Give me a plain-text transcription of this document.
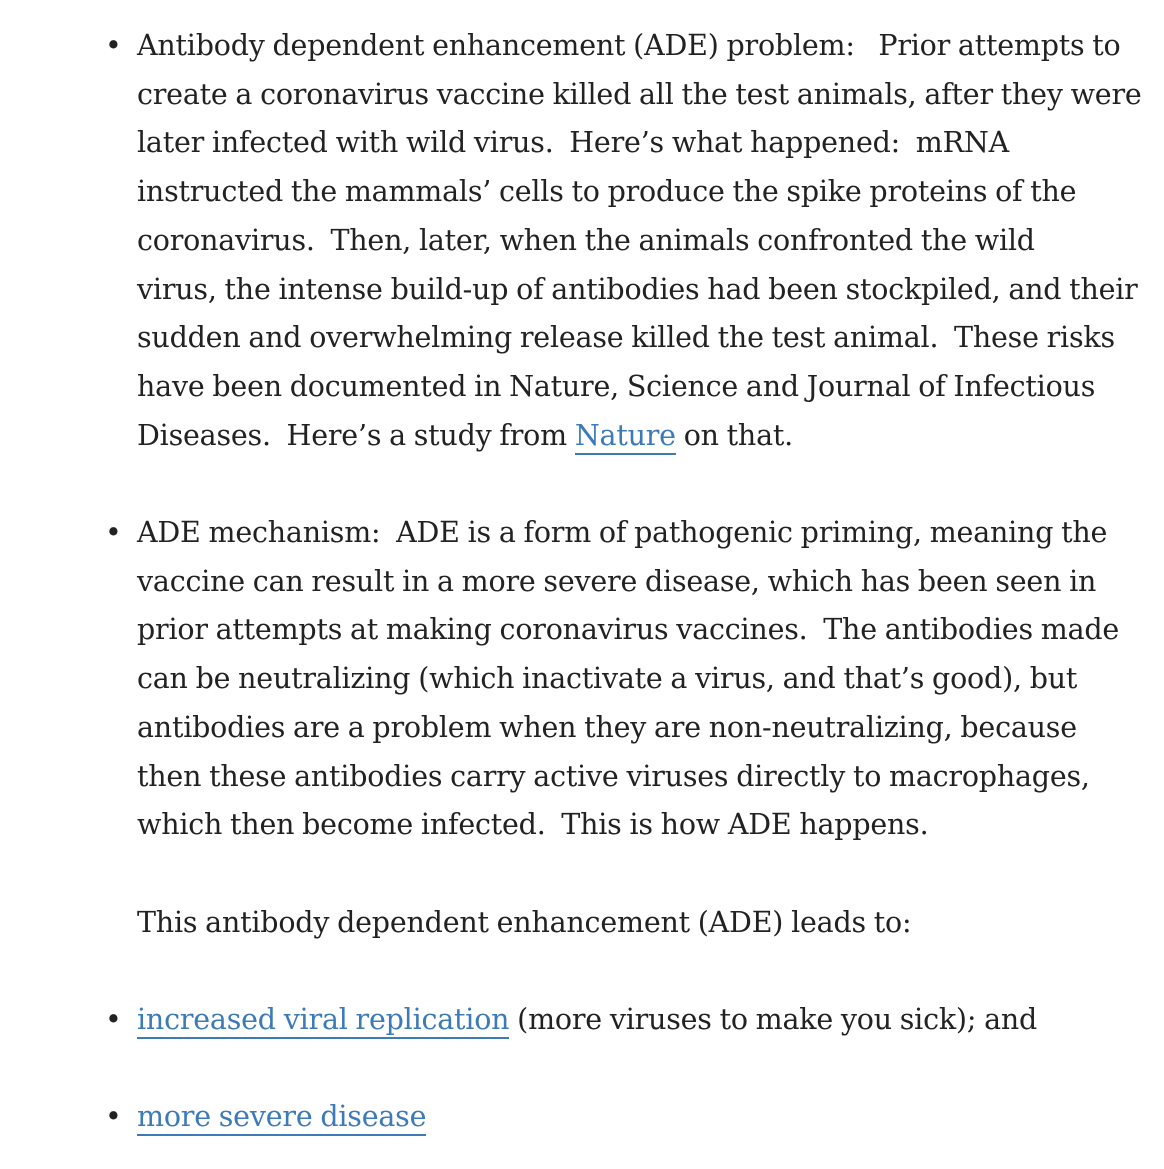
• Antibody dependent enhancement (ADE) problem:   Prior attempts to
create a coronavirus vaccine killed all the test animals, after they were
later infected with wild virus.  Here’s what happened:  mRNA
instructed the mammals’ cells to produce the spike proteins of the
coronavirus.  Then, later, when the animals confronted the wild
virus, the intense build-up of antibodies had been stockpiled, and their
sudden and overwhelming release killed the test animal.  These risks
have been documented in Nature, Science and Journal of Infectious
Diseases.  Here’s a study from Nature on that.
• ADE mechanism:  ADE is a form of pathogenic priming, meaning the
vaccine can result in a more severe disease, which has been seen in
prior attempts at making coronavirus vaccines.  The antibodies made
can be neutralizing (which inactivate a virus, and that’s good), but
antibodies are a problem when they are non-neutralizing, because
then these antibodies carry active viruses directly to macrophages,
which then become infected.  This is how ADE happens.

This antibody dependent enhancement (ADE) leads to:
• increased viral replication (more viruses to make you sick); and
• more severe disease
